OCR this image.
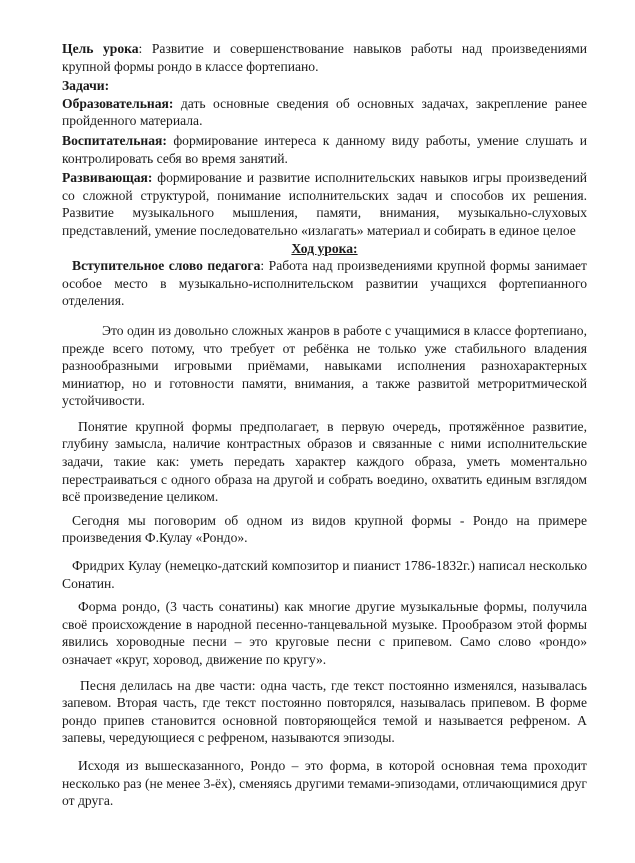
Цель урока: Развитие и совершенствование навыков работы над произведениями крупной формы рондо в классе фортепиано.

Задачи:

Образовательная: дать основные сведения об основных задачах, закрепление ранее пройденного материала.

Воспитательная: формирование интереса к данному виду работы, умение слушать и контролировать себя во время занятий.

Развивающая: формирование и развитие исполнительских навыков игры произведений со сложной структурой, понимание исполнительских задач и способов их решения. Развитие музыкального мышления, памяти, внимания, музыкально-слуховых представлений, умение последовательно «излагать» материал и собирать в единое целое

Ход урока:

Вступительное слово педагога: Работа над произведениями крупной формы занимает особое место в музыкально-исполнительском развитии учащихся фортепианного отделения.

Это один из довольно сложных жанров в работе с учащимися в классе фортепиано, прежде всего потому, что требует от ребёнка не только уже стабильного владения разнообразными игровыми приёмами, навыками исполнения разнохарактерных миниатюр, но и готовности памяти, внимания, а также развитой метроритмической устойчивости.

Понятие крупной формы предполагает, в первую очередь, протяжённое развитие, глубину замысла, наличие контрастных образов и связанные с ними исполнительские задачи, такие как: уметь передать характер каждого образа, уметь моментально перестраиваться с одного образа на другой и собрать воедино, охватить единым взглядом всё произведение целиком.

Сегодня мы поговорим об одном из видов крупной формы - Рондо на примере произведения Ф.Кулау «Рондо».

Фридрих Кулау (немецко-датский композитор и пианист 1786-1832г.) написал несколько Сонатин.

Форма рондо, (3 часть сонатины) как многие другие музыкальные формы, получила своё происхождение в народной песенно-танцевальной музыке. Прообразом этой формы явились хороводные песни – это круговые песни с припевом. Само слово «рондо» означает «круг, хоровод, движение по кругу».

Песня делилась на две части: одна часть, где текст постоянно изменялся, называлась запевом. Вторая часть, где текст постоянно повторялся, называлась припевом. В форме рондо припев становится основной повторяющейся темой и называется рефреном. А запевы, чередующиеся с рефреном, называются эпизоды.

Исходя из вышесказанного, Рондо – это форма, в которой основная тема проходит несколько раз (не менее 3-ёх), сменяясь другими темами-эпизодами, отличающимися друг от друга.
